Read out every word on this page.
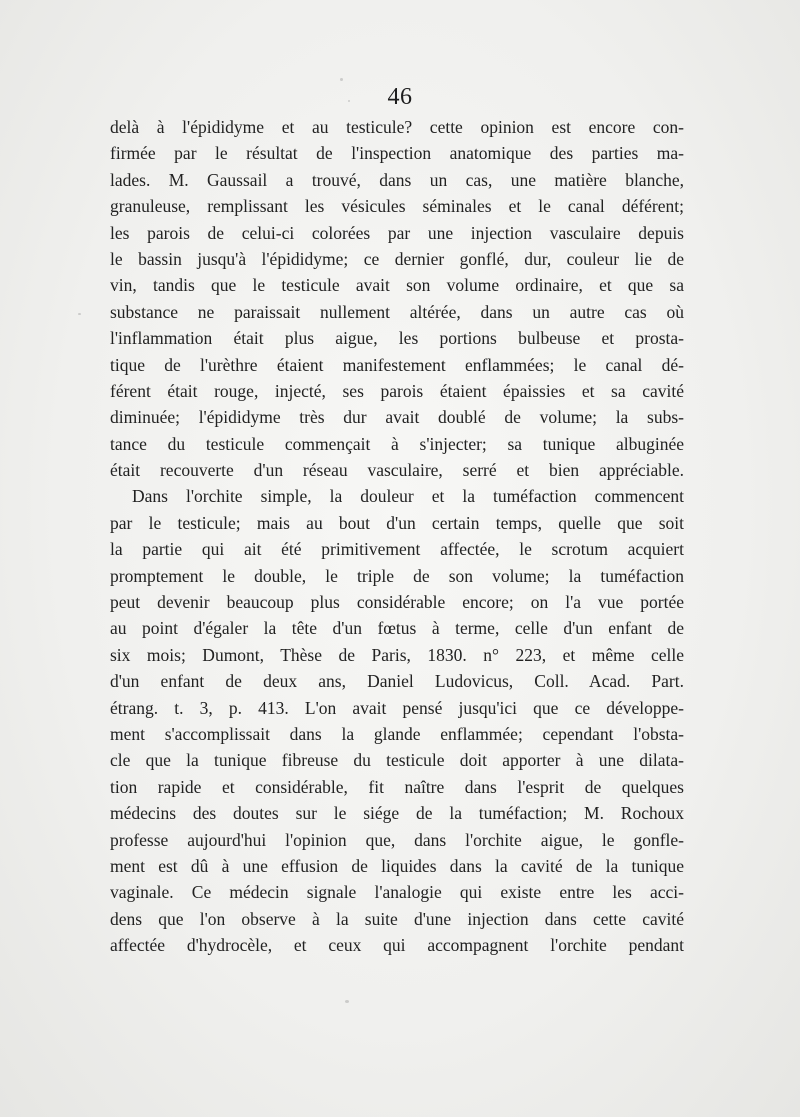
46
delà à l'épididyme et au testicule? cette opinion est encore con-
firmée par le résultat de l'inspection anatomique des parties ma-
lades. M. Gaussail a trouvé, dans un cas, une matière blanche,
granuleuse, remplissant les vésicules séminales et le canal déférent;
les parois de celui-ci colorées par une injection vasculaire depuis
le bassin jusqu'à l'épididyme; ce dernier gonflé, dur, couleur lie de
vin, tandis que le testicule avait son volume ordinaire, et que sa
substance ne paraissait nullement altérée, dans un autre cas où
l'inflammation était plus aigue, les portions bulbeuse et prosta-
tique de l'urèthre étaient manifestement enflammées; le canal dé-
férent était rouge, injecté, ses parois étaient épaissies et sa cavité
diminuée; l'épididyme très dur avait doublé de volume; la subs-
tance du testicule commençait à s'injecter; sa tunique albuginée
était recouverte d'un réseau vasculaire, serré et bien appréciable.
Dans l'orchite simple, la douleur et la tuméfaction commencent
par le testicule; mais au bout d'un certain temps, quelle que soit
la partie qui ait été primitivement affectée, le scrotum acquiert
promptement le double, le triple de son volume; la tuméfaction
peut devenir beaucoup plus considérable encore; on l'a vue portée
au point d'égaler la tête d'un fœtus à terme, celle d'un enfant de
six mois; Dumont, Thèse de Paris, 1830. n° 223, et même celle
d'un enfant de deux ans, Daniel Ludovicus, Coll. Acad. Part.
étrang. t. 3, p. 413. L'on avait pensé jusqu'ici que ce développe-
ment s'accomplissait dans la glande enflammée; cependant l'obsta-
cle que la tunique fibreuse du testicule doit apporter à une dilata-
tion rapide et considérable, fit naître dans l'esprit de quelques
médecins des doutes sur le siége de la tuméfaction; M. Rochoux
professe aujourd'hui l'opinion que, dans l'orchite aigue, le gonfle-
ment est dû à une effusion de liquides dans la cavité de la tunique
vaginale. Ce médecin signale l'analogie qui existe entre les acci-
dens que l'on observe à la suite d'une injection dans cette cavité
affectée d'hydrocèle, et ceux qui accompagnent l'orchite pendant
